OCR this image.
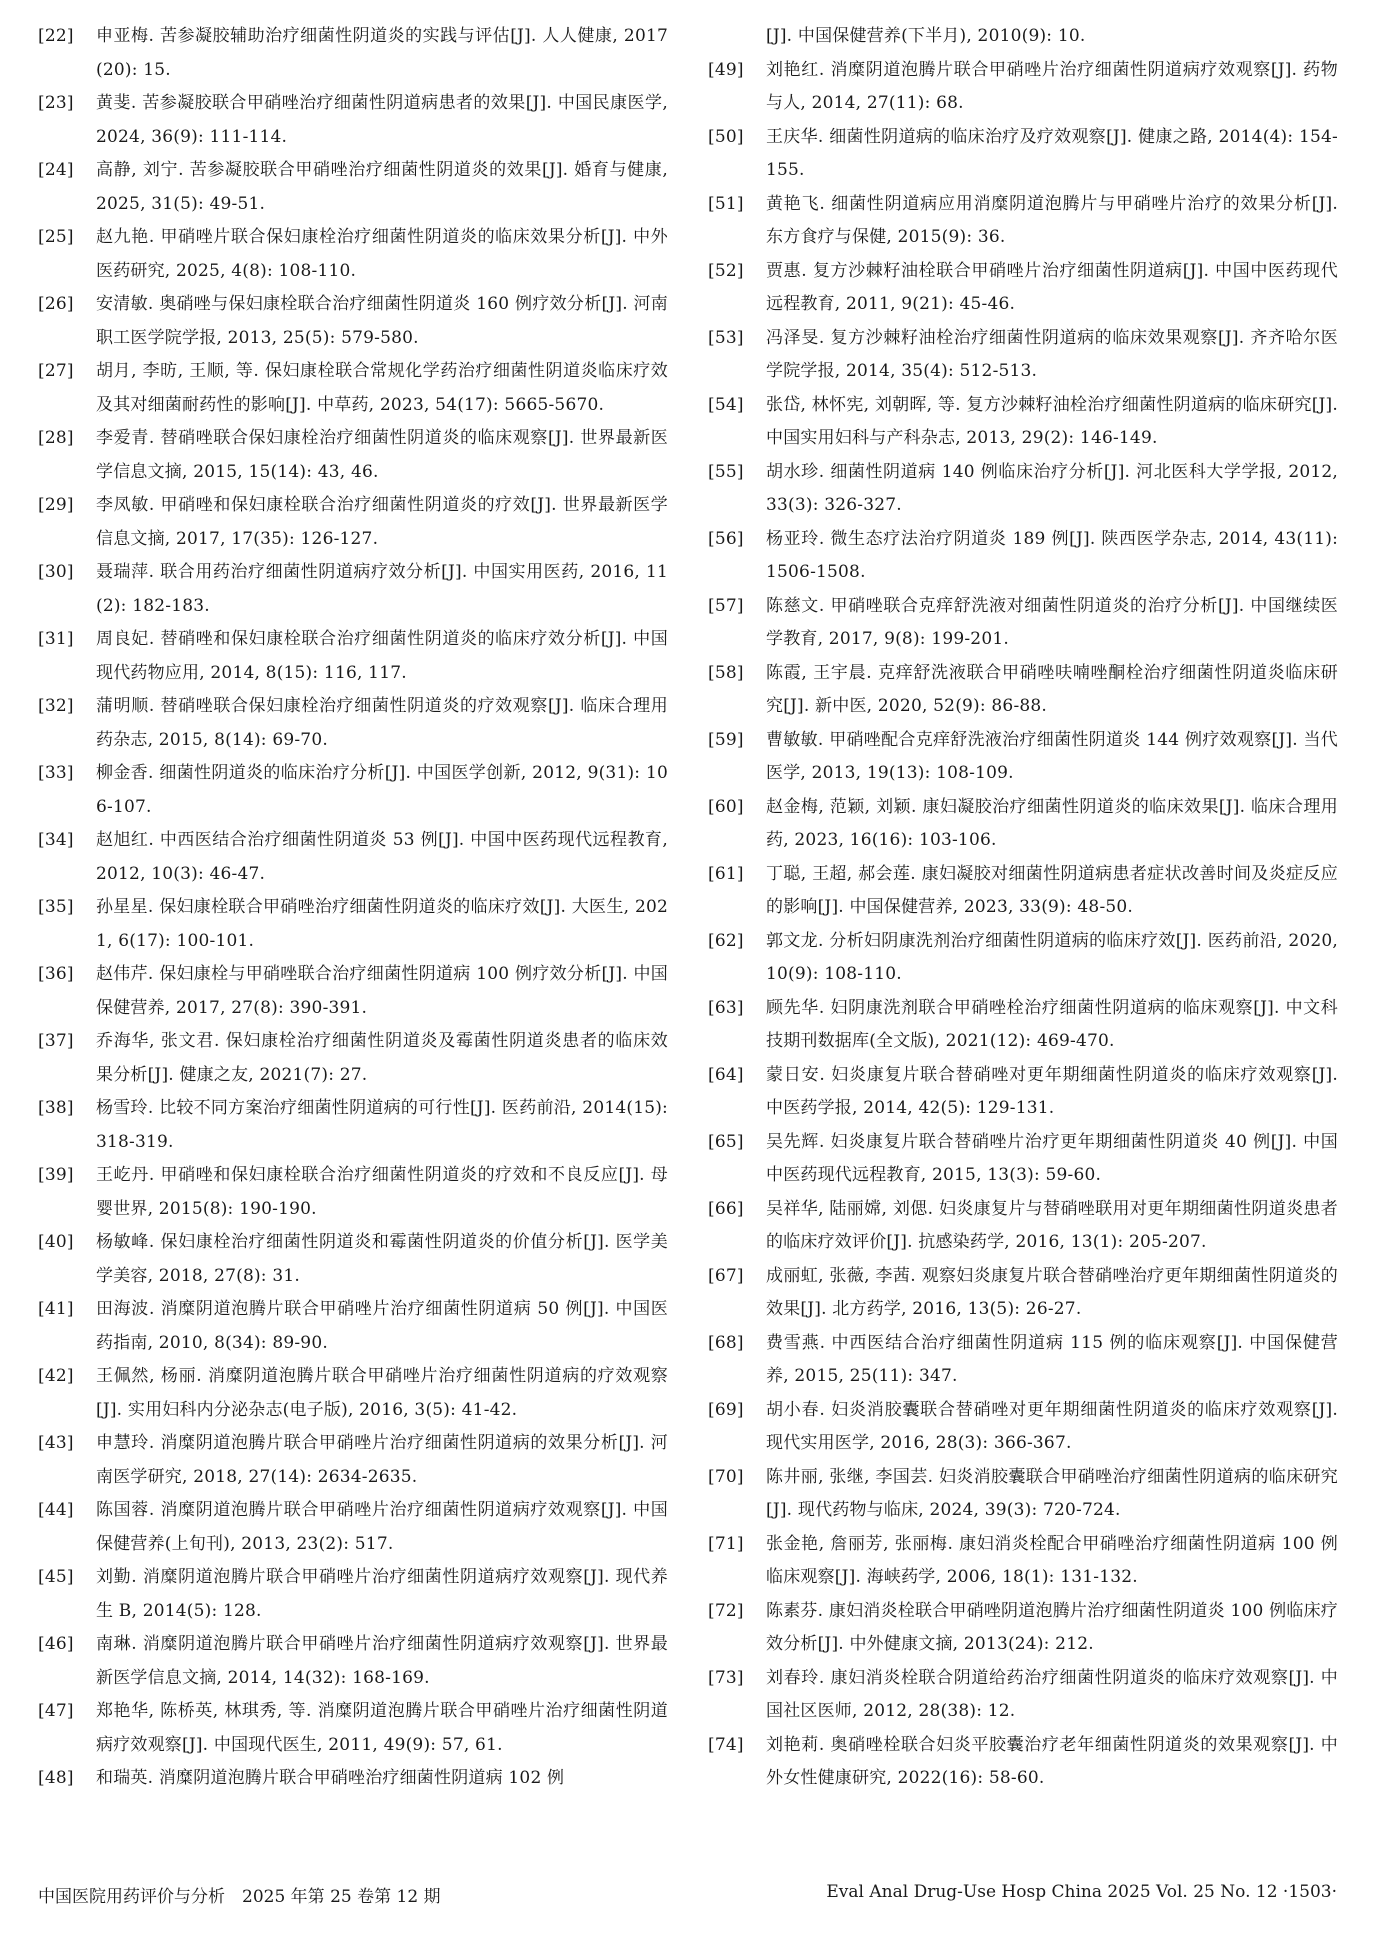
[22] 申亚梅. 苦参凝胶辅助治疗细菌性阴道炎的实践与评估[J]. 人人健康, 2017(20): 15.
[23] 黄斐. 苦参凝胶联合甲硝唑治疗细菌性阴道病患者的效果[J]. 中国民康医学, 2024, 36(9): 111-114.
[24] 高静, 刘宁. 苦参凝胶联合甲硝唑治疗细菌性阴道炎的效果[J]. 婚育与健康, 2025, 31(5): 49-51.
[25] 赵九艳. 甲硝唑片联合保妇康栓治疗细菌性阴道炎的临床效果分析[J]. 中外医药研究, 2025, 4(8): 108-110.
[26] 安清敏. 奥硝唑与保妇康栓联合治疗细菌性阴道炎 160 例疗效分析[J]. 河南职工医学院学报, 2013, 25(5): 579-580.
[27] 胡月, 李昉, 王顺, 等. 保妇康栓联合常规化学药治疗细菌性阴道炎临床疗效及其对细菌耐药性的影响[J]. 中草药, 2023, 54(17): 5665-5670.
[28] 李爱青. 替硝唑联合保妇康栓治疗细菌性阴道炎的临床观察[J]. 世界最新医学信息文摘, 2015, 15(14): 43, 46.
[29] 李凤敏. 甲硝唑和保妇康栓联合治疗细菌性阴道炎的疗效[J]. 世界最新医学信息文摘, 2017, 17(35): 126-127.
[30] 聂瑞萍. 联合用药治疗细菌性阴道病疗效分析[J]. 中国实用医药, 2016, 11(2): 182-183.
[31] 周良妃. 替硝唑和保妇康栓联合治疗细菌性阴道炎的临床疗效分析[J]. 中国现代药物应用, 2014, 8(15): 116, 117.
[32] 蒲明顺. 替硝唑联合保妇康栓治疗细菌性阴道炎的疗效观察[J]. 临床合理用药杂志, 2015, 8(14): 69-70.
[33] 柳金香. 细菌性阴道炎的临床治疗分析[J]. 中国医学创新, 2012, 9(31): 106-107.
[34] 赵旭红. 中西医结合治疗细菌性阴道炎 53 例[J]. 中国中医药现代远程教育, 2012, 10(3): 46-47.
[35] 孙星星. 保妇康栓联合甲硝唑治疗细菌性阴道炎的临床疗效[J]. 大医生, 2021, 6(17): 100-101.
[36] 赵伟芹. 保妇康栓与甲硝唑联合治疗细菌性阴道病 100 例疗效分析[J]. 中国保健营养, 2017, 27(8): 390-391.
[37] 乔海华, 张文君. 保妇康栓治疗细菌性阴道炎及霉菌性阴道炎患者的临床效果分析[J]. 健康之友, 2021(7): 27.
[38] 杨雪玲. 比较不同方案治疗细菌性阴道病的可行性[J]. 医药前沿, 2014(15): 318-319.
[39] 王屹丹. 甲硝唑和保妇康栓联合治疗细菌性阴道炎的疗效和不良反应[J]. 母婴世界, 2015(8): 190-190.
[40] 杨敏峰. 保妇康栓治疗细菌性阴道炎和霉菌性阴道炎的价值分析[J]. 医学美学美容, 2018, 27(8): 31.
[41] 田海波. 消糜阴道泡腾片联合甲硝唑片治疗细菌性阴道病 50 例[J]. 中国医药指南, 2010, 8(34): 89-90.
[42] 王佩然, 杨丽. 消糜阴道泡腾片联合甲硝唑片治疗细菌性阴道病的疗效观察[J]. 实用妇科内分泌杂志(电子版), 2016, 3(5): 41-42.
[43] 申慧玲. 消糜阴道泡腾片联合甲硝唑片治疗细菌性阴道病的效果分析[J]. 河南医学研究, 2018, 27(14): 2634-2635.
[44] 陈国蓉. 消糜阴道泡腾片联合甲硝唑片治疗细菌性阴道病疗效观察[J]. 中国保健营养(上旬刊), 2013, 23(2): 517.
[45] 刘勤. 消糜阴道泡腾片联合甲硝唑片治疗细菌性阴道病疗效观察[J]. 现代养生 B, 2014(5): 128.
[46] 南琳. 消糜阴道泡腾片联合甲硝唑片治疗细菌性阴道病疗效观察[J]. 世界最新医学信息文摘, 2014, 14(32): 168-169.
[47] 郑艳华, 陈桥英, 林琪秀, 等. 消糜阴道泡腾片联合甲硝唑片治疗细菌性阴道病疗效观察[J]. 中国现代医生, 2011, 49(9): 57, 61.
[48] 和瑞英. 消糜阴道泡腾片联合甲硝唑治疗细菌性阴道病 102 例
[J]. 中国保健营养(下半月), 2010(9): 10.
[49] 刘艳红. 消糜阴道泡腾片联合甲硝唑片治疗细菌性阴道病疗效观察[J]. 药物与人, 2014, 27(11): 68.
[50] 王庆华. 细菌性阴道病的临床治疗及疗效观察[J]. 健康之路, 2014(4): 154-155.
[51] 黄艳飞. 细菌性阴道病应用消糜阴道泡腾片与甲硝唑片治疗的效果分析[J]. 东方食疗与保健, 2015(9): 36.
[52] 贾惠. 复方沙棘籽油栓联合甲硝唑片治疗细菌性阴道病[J]. 中国中医药现代远程教育, 2011, 9(21): 45-46.
[53] 冯泽旻. 复方沙棘籽油栓治疗细菌性阴道病的临床效果观察[J]. 齐齐哈尔医学院学报, 2014, 35(4): 512-513.
[54] 张岱, 林怀宪, 刘朝晖, 等. 复方沙棘籽油栓治疗细菌性阴道病的临床研究[J]. 中国实用妇科与产科杂志, 2013, 29(2): 146-149.
[55] 胡水珍. 细菌性阴道病 140 例临床治疗分析[J]. 河北医科大学学报, 2012, 33(3): 326-327.
[56] 杨亚玲. 微生态疗法治疗阴道炎 189 例[J]. 陕西医学杂志, 2014, 43(11): 1506-1508.
[57] 陈慈文. 甲硝唑联合克痒舒洗液对细菌性阴道炎的治疗分析[J]. 中国继续医学教育, 2017, 9(8): 199-201.
[58] 陈霞, 王宇晨. 克痒舒洗液联合甲硝唑呋喃唑酮栓治疗细菌性阴道炎临床研究[J]. 新中医, 2020, 52(9): 86-88.
[59] 曹敏敏. 甲硝唑配合克痒舒洗液治疗细菌性阴道炎 144 例疗效观察[J]. 当代医学, 2013, 19(13): 108-109.
[60] 赵金梅, 范颖, 刘颖. 康妇凝胶治疗细菌性阴道炎的临床效果[J]. 临床合理用药, 2023, 16(16): 103-106.
[61] 丁聪, 王超, 郝会莲. 康妇凝胶对细菌性阴道病患者症状改善时间及炎症反应的影响[J]. 中国保健营养, 2023, 33(9): 48-50.
[62] 郭文龙. 分析妇阴康洗剂治疗细菌性阴道病的临床疗效[J]. 医药前沿, 2020, 10(9): 108-110.
[63] 顾先华. 妇阴康洗剂联合甲硝唑栓治疗细菌性阴道病的临床观察[J]. 中文科技期刊数据库(全文版), 2021(12): 469-470.
[64] 蒙日安. 妇炎康复片联合替硝唑对更年期细菌性阴道炎的临床疗效观察[J]. 中医药学报, 2014, 42(5): 129-131.
[65] 吴先辉. 妇炎康复片联合替硝唑片治疗更年期细菌性阴道炎 40 例[J]. 中国中医药现代远程教育, 2015, 13(3): 59-60.
[66] 吴祥华, 陆丽嫦, 刘偲. 妇炎康复片与替硝唑联用对更年期细菌性阴道炎患者的临床疗效评价[J]. 抗感染药学, 2016, 13(1): 205-207.
[67] 成丽虹, 张薇, 李茜. 观察妇炎康复片联合替硝唑治疗更年期细菌性阴道炎的效果[J]. 北方药学, 2016, 13(5): 26-27.
[68] 费雪燕. 中西医结合治疗细菌性阴道病 115 例的临床观察[J]. 中国保健营养, 2015, 25(11): 347.
[69] 胡小春. 妇炎消胶囊联合替硝唑对更年期细菌性阴道炎的临床疗效观察[J]. 现代实用医学, 2016, 28(3): 366-367.
[70] 陈井丽, 张继, 李国芸. 妇炎消胶囊联合甲硝唑治疗细菌性阴道病的临床研究[J]. 现代药物与临床, 2024, 39(3): 720-724.
[71] 张金艳, 詹丽芳, 张丽梅. 康妇消炎栓配合甲硝唑治疗细菌性阴道病 100 例临床观察[J]. 海峡药学, 2006, 18(1): 131-132.
[72] 陈素芬. 康妇消炎栓联合甲硝唑阴道泡腾片治疗细菌性阴道炎 100 例临床疗效分析[J]. 中外健康文摘, 2013(24): 212.
[73] 刘春玲. 康妇消炎栓联合阴道给药治疗细菌性阴道炎的临床疗效观察[J]. 中国社区医师, 2012, 28(38): 12.
[74] 刘艳莉. 奥硝唑栓联合妇炎平胶囊治疗老年细菌性阴道炎的效果观察[J]. 中外女性健康研究, 2022(16): 58-60.
中国医院用药评价与分析　2025 年第 25 卷第 12 期	Eval Anal Drug-Use Hosp China 2025 Vol. 25 No. 12 ·1503·
